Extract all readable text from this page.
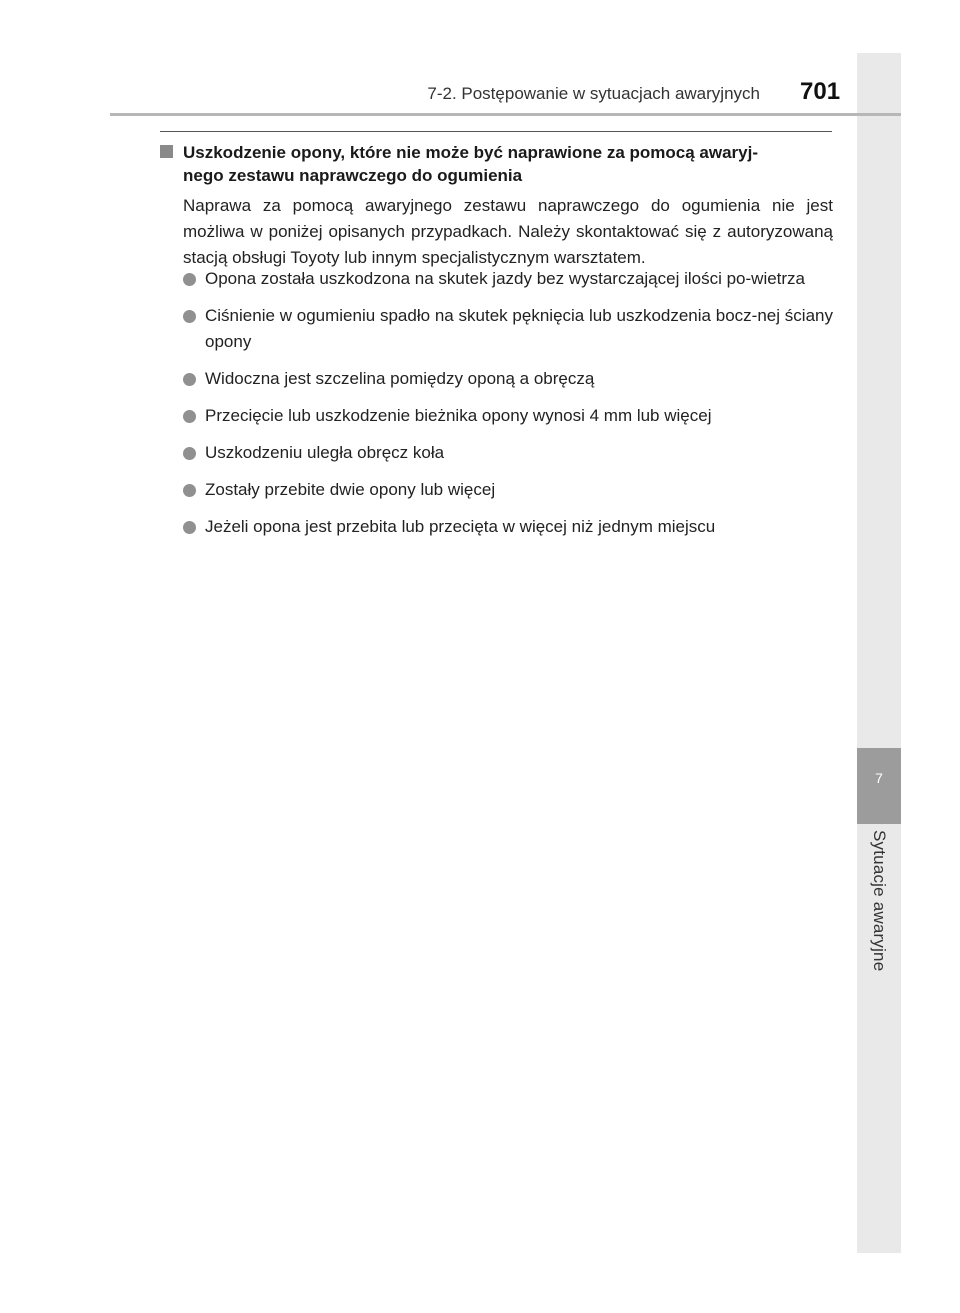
7
Sytuacje awaryjne
7-2. Postępowanie w sytuacjach awaryjnych 701
Uszkodzenie opony, które nie może być naprawione za pomocą awaryj-
nego zestawu naprawczego do ogumienia
Naprawa za pomocą awaryjnego zestawu naprawczego do ogumienia nie jest możliwa w poniżej opisanych przypadkach. Należy skontaktować się z autoryzowaną stacją obsługi Toyoty lub innym specjalistycznym warsztatem.
Opona została uszkodzona na skutek jazdy bez wystarczającej ilości po-wietrza
Ciśnienie w ogumieniu spadło na skutek pęknięcia lub uszkodzenia bocz-nej ściany opony
Widoczna jest szczelina pomiędzy oponą a obręczą
Przecięcie lub uszkodzenie bieżnika opony wynosi 4 mm lub więcej
Uszkodzeniu uległa obręcz koła
Zostały przebite dwie opony lub więcej
Jeżeli opona jest przebita lub przecięta w więcej niż jednym miejscu
